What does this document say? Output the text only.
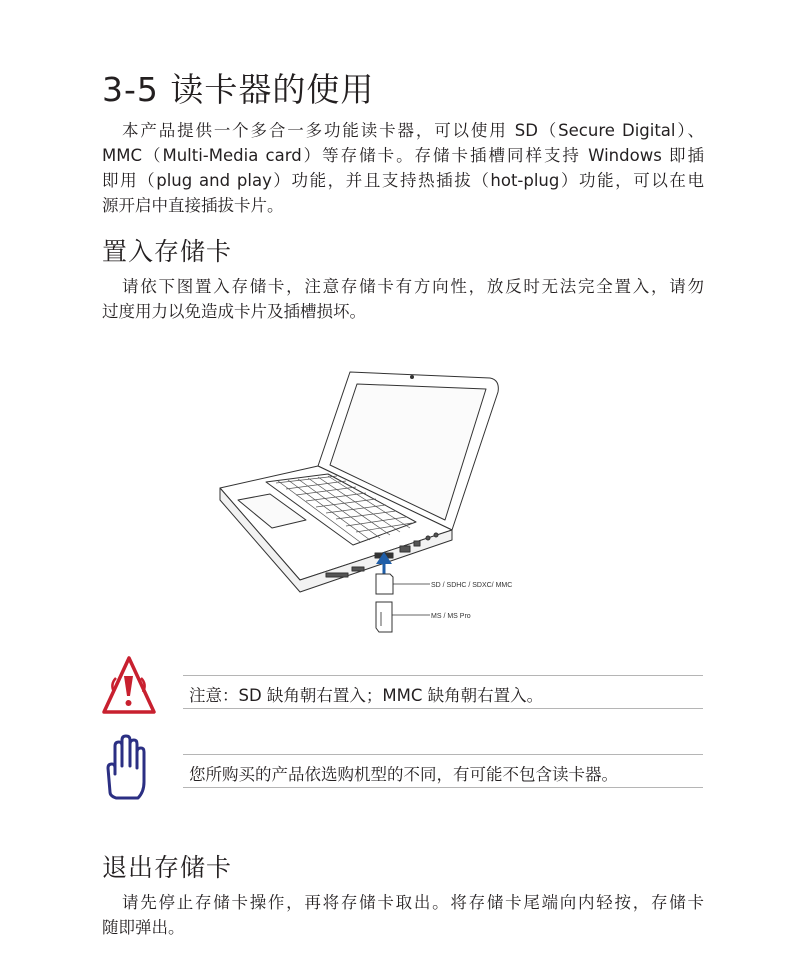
3-5 读卡器的使用

本产品提供一个多合一多功能读卡器，可以使用 SD（Secure Digital）、
MMC（Multi-Media card）等存储卡。存储卡插槽同样支持 Windows 即插
即用（plug and play）功能，并且支持热插拔（hot-plug）功能，可以在电
源开启中直接插拔卡片。

置入存储卡

请依下图置入存储卡，注意存储卡有方向性，放反时无法完全置入，请勿
过度用力以免造成卡片及插槽损坏。

SD / SDHC / SDXC/ MMC
MS / MS Pro
注意：SD 缺角朝右置入；MMC 缺角朝右置入。
您所购买的产品依选购机型的不同，有可能不包含读卡器。
退出存储卡

请先停止存储卡操作，再将存储卡取出。将存储卡尾端向内轻按，存储卡
随即弹出。
